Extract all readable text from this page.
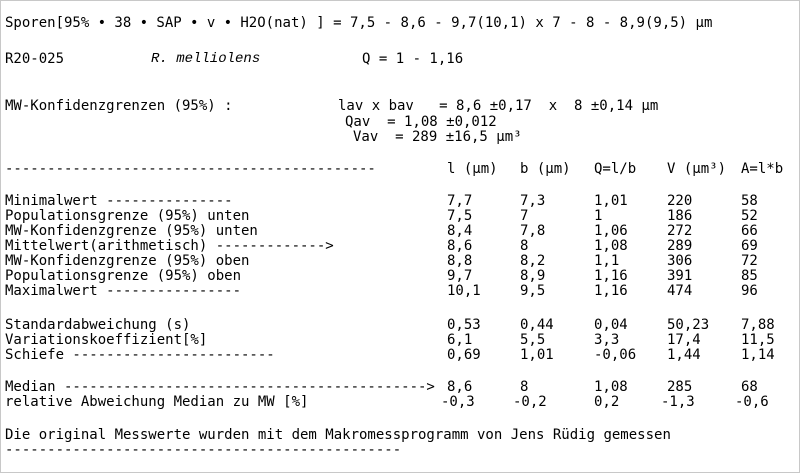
Sporen[95% • 38 • SAP • v • H2O(nat) ] = 7,5 - 8,6 - 9,7(10,1) x 7 - 8 - 8,9(9,5) µm
R20-025	R. melliolens	Q = 1 - 1,16
MW-Konfidenzgrenzen (95%) :	lav x bav   = 8,6 ±0,17  x  8 ±0,14 µm
Qav  = 1,08 ±0,012
Vav  = 289 ±16,5 µm³
--------------------------------------------	l (µm) b (µm) Q=l/b V (µm³) A=l*b
Minimalwert ---------------	7,7	7,3	1,01	220	58
Populationsgrenze (95%) unten	7,5	7	1	186	52
MW-Konfidenzgrenze (95%) unten	8,4	7,8	1,06	272	66
Mittelwert(arithmetisch) ------------->	8,6	8	1,08	289	69
MW-Konfidenzgrenze (95%) oben	8,8	8,2	1,1	306	72
Populationsgrenze (95%) oben	9,7	8,9	1,16	391	85
Maximalwert ----------------	10,1	9,5	1,16	474	96
Standardabweichung (s)	0,53	0,44	0,04	50,23 7,88
Variationskoeffizient[%]	6,1	5,5	3,3	17,4	11,5
Schiefe ------------------------	0,69	1,01	-0,06 1,44	1,14
Median -------------------------------------------> 8,6	8	1,08	285	68
relative Abweichung Median zu MW [%]	-0,3	-0,2	0,2	-1,3	-0,6
Die original Messwerte wurden mit dem Makromessprogramm von Jens Rüdig gemessen
-----------------------------------------------
